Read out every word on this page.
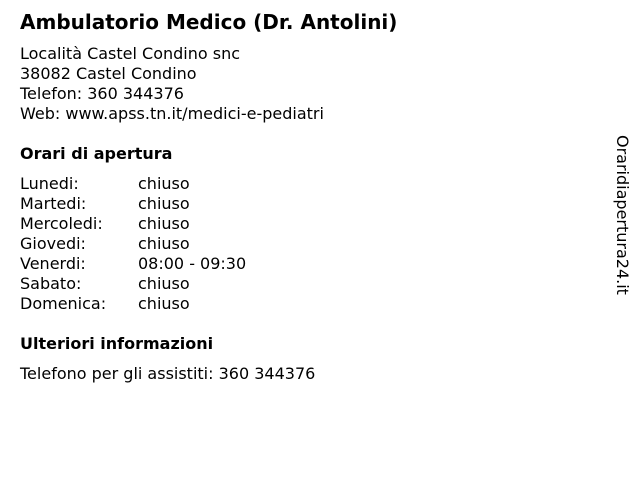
Ambulatorio Medico (Dr. Antolini)
Località Castel Condino snc
38082 Castel Condino
Telefon: 360 344376
Web: www.apss.tn.it/medici-e-pediatri
Orari di apertura
Lunedi:	chiuso
Martedi:	chiuso
Mercoledi:	chiuso
Giovedi:	chiuso
Venerdi:	08:00 - 09:30
Sabato:	chiuso
Domenica:	chiuso
Ulteriori informazioni
Telefono per gli assistiti: 360 344376
Oraridiapertura24.it
